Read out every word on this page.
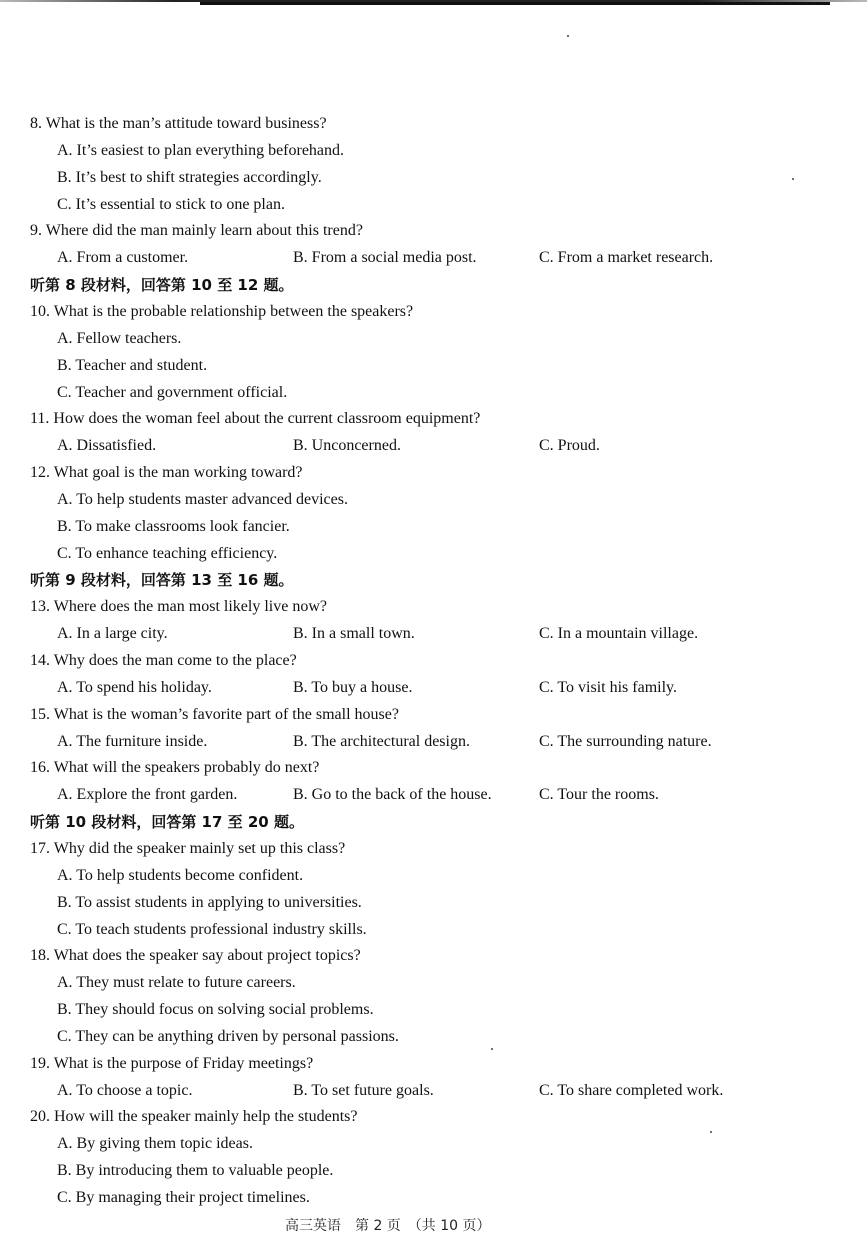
8. What is the man’s attitude toward business?
A. It’s easiest to plan everything beforehand.
B. It’s best to shift strategies accordingly.
C. It’s essential to stick to one plan.
9. Where did the man mainly learn about this trend?
A. From a customer.	B. From a social media post.	C. From a market research.
听第 8 段材料，回答第 10 至 12 题。
10. What is the probable relationship between the speakers?
A. Fellow teachers.
B. Teacher and student.
C. Teacher and government official.
11. How does the woman feel about the current classroom equipment?
A. Dissatisfied.	B. Unconcerned.	C. Proud.
12. What goal is the man working toward?
A. To help students master advanced devices.
B. To make classrooms look fancier.
C. To enhance teaching efficiency.
听第 9 段材料，回答第 13 至 16 题。
13. Where does the man most likely live now?
A. In a large city.	B. In a small town.	C. In a mountain village.
14. Why does the man come to the place?
A. To spend his holiday.	B. To buy a house.	C. To visit his family.
15. What is the woman’s favorite part of the small house?
A. The furniture inside.	B. The architectural design.	C. The surrounding nature.
16. What will the speakers probably do next?
A. Explore the front garden.	B. Go to the back of the house.	C. Tour the rooms.
听第 10 段材料，回答第 17 至 20 题。
17. Why did the speaker mainly set up this class?
A. To help students become confident.
B. To assist students in applying to universities.
C. To teach students professional industry skills.
18. What does the speaker say about project topics?
A. They must relate to future careers.
B. They should focus on solving social problems.
C. They can be anything driven by personal passions.
19. What is the purpose of Friday meetings?
A. To choose a topic.	B. To set future goals.	C. To share completed work.
20. How will the speaker mainly help the students?
A. By giving them topic ideas.
B. By introducing them to valuable people.
C. By managing their project timelines.
高三英语　第 2 页　（共 10 页）
